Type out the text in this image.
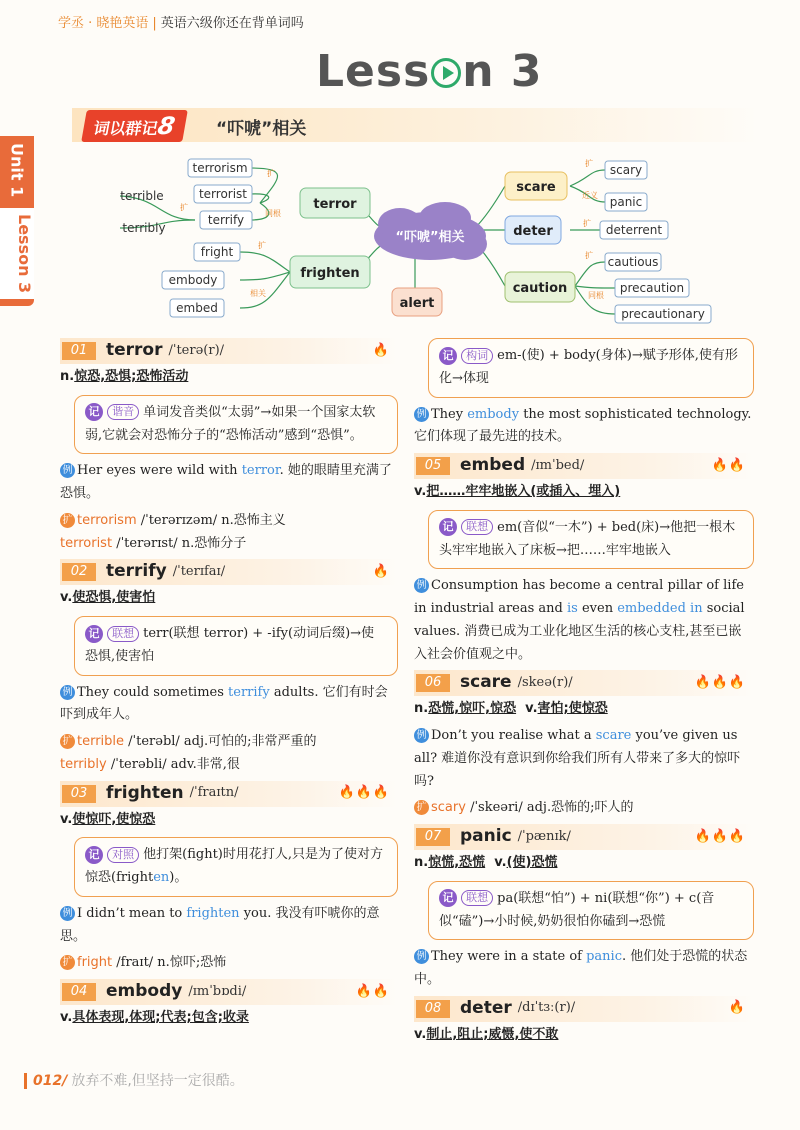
学丞 · 晓艳英语 | 英语六级你还在背单词吗
Less n 3
Unit 1
Lesson 3
词以群记8	“吓唬”相关
扩
扩
同根
扩
相关
扩
近义
扩
同根
扩
“吓唬”相关
terror
frighten
alert
scare
deter
caution
terrorism
terrorist
terrify
terrible
terribly
fright
embody
embed
scary
panic
deterrent
cautious
precaution
precautionary
01	terror /ˈterə(r)/	🔥
n.惊恐,恐惧;恐怖活动
记 谐音 单词发音类似“太弱”→如果一个国家太软弱,它就会对恐怖分子的“恐怖活动”感到“恐惧”。
例 Her eyes were wild with terror. 她的眼睛里充满了恐惧。
扩 terrorism /ˈterərɪzəm/ n.恐怖主义
terrorist /ˈterərɪst/ n.恐怖分子
02	terrify /ˈterɪfaɪ/	🔥
v.使恐惧,使害怕
记 联想 terr(联想 terror) + -ify(动词后缀)→使恐惧,使害怕
例 They could sometimes terrify adults. 它们有时会吓到成年人。
扩 terrible /ˈterəbl/ adj.可怕的;非常严重的
terribly /ˈterəbli/ adv.非常,很
03	frighten /ˈfraɪtn/	🔥🔥🔥
v.使惊吓,使惊恐
记 对照 他打架(fight)时用花打人,只是为了使对方惊恐(frighten)。
例 I didn’t mean to frighten you. 我没有吓唬你的意思。
扩 fright /fraɪt/ n.惊吓;恐怖
04	embody /ɪmˈbɒdi/	🔥🔥
v.具体表现,体现;代表;包含;收录
记 构词 em-(使) + body(身体)→赋予形体,使有形化→体现
例 They embody the most sophisticated technology. 它们体现了最先进的技术。
05	embed /ɪmˈbed/	🔥🔥
v.把……牢牢地嵌入(或插入、埋入)
记 联想 em(音似“一木”) + bed(床)→他把一根木头牢牢地嵌入了床板→把……牢牢地嵌入
例 Consumption has become a central pillar of life in industrial areas and is even embedded in social values. 消费已成为工业化地区生活的核心支柱,甚至已嵌入社会价值观之中。
06	scare /skeə(r)/	🔥🔥🔥
n.恐慌,惊吓,惊恐 v.害怕;使惊恐
例 Don’t you realise what a scare you’ve given us all? 难道你没有意识到你给我们所有人带来了多大的惊吓吗?
扩 scary /ˈskeəri/ adj.恐怖的;吓人的
07	panic /ˈpænɪk/	🔥🔥🔥
n.惊慌,恐慌 v.(使)恐慌
记 联想 pa(联想“怕”) + ni(联想“你”) + c(音似“磕”)→小时候,奶奶很怕你磕到→恐慌
例 They were in a state of panic. 他们处于恐慌的状态中。
08	deter /dɪˈtɜː(r)/	🔥
v.制止,阻止;威慑,使不敢
012/ 放弃不难,但坚持一定很酷。
